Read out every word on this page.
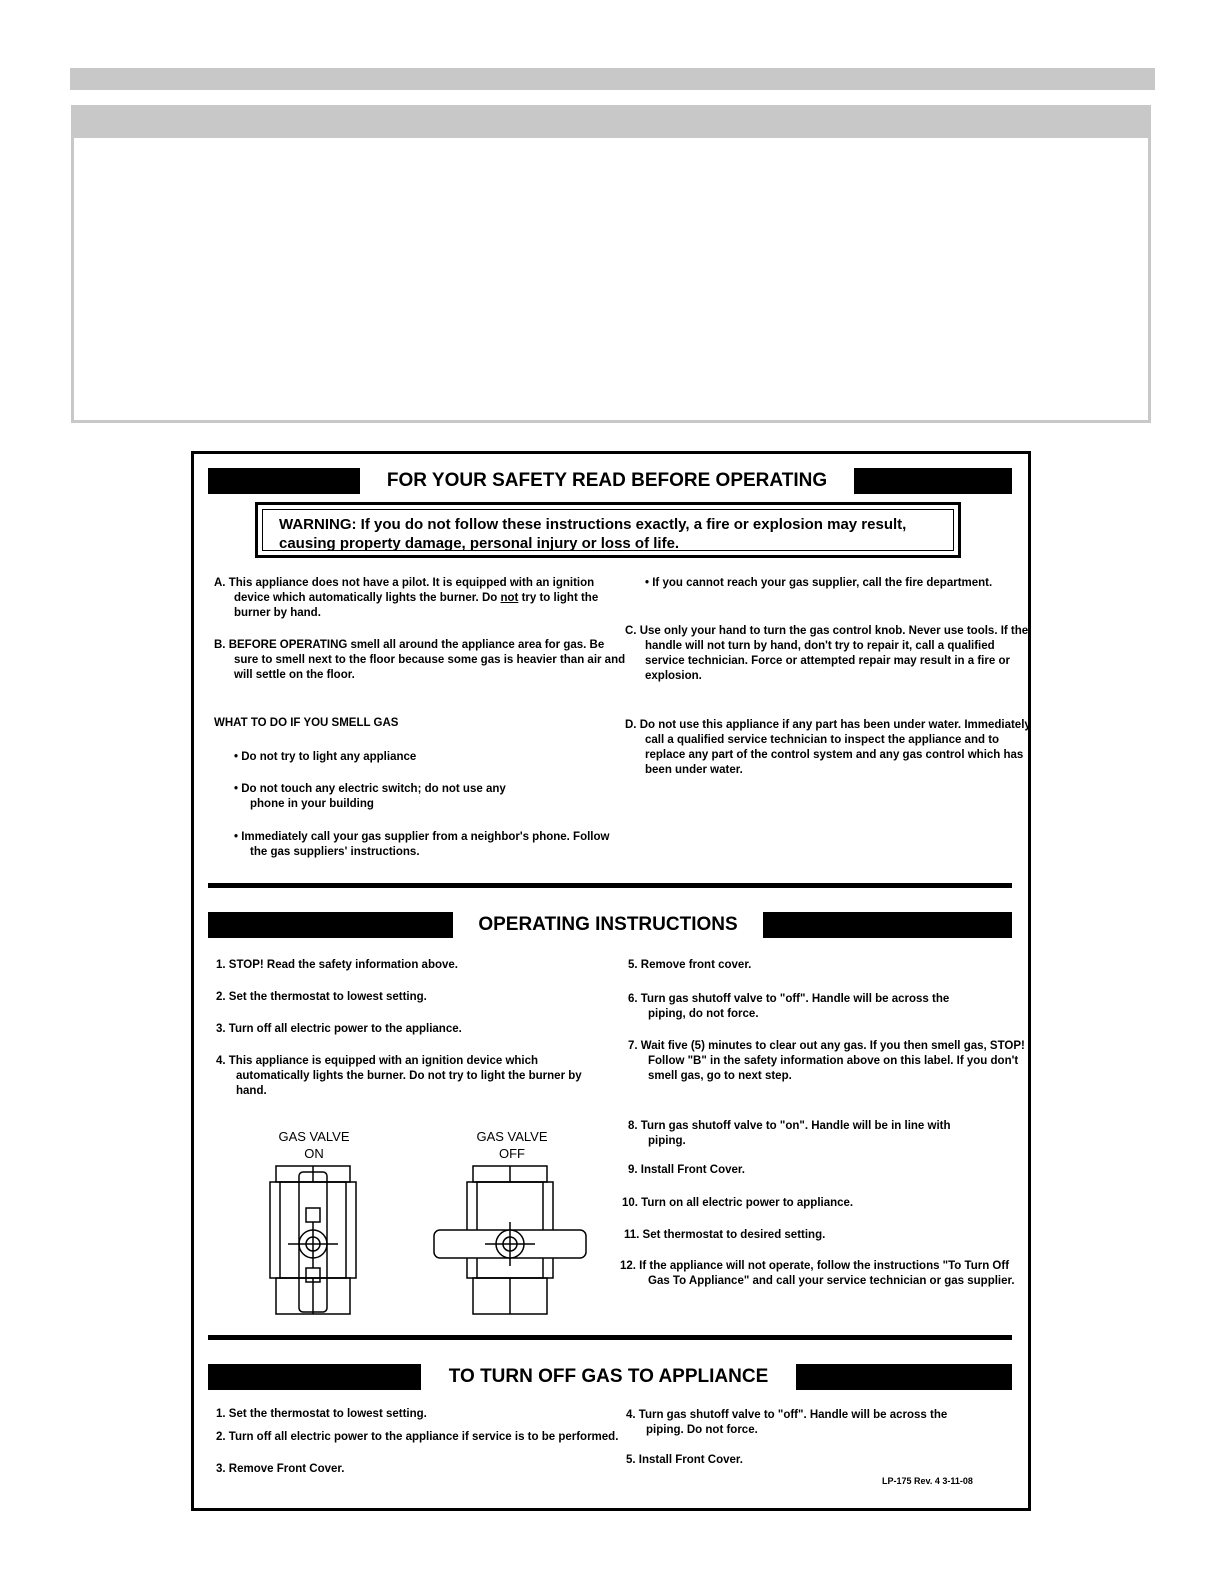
FOR YOUR SAFETY READ BEFORE OPERATING
WARNING: If you do not follow these instructions exactly, a fire or explosion may result, causing property damage, personal injury or loss of life.
A. This appliance does not have a pilot. It is equipped with an ignition device which automatically lights the burner. Do not try to light the burner by hand.
B. BEFORE OPERATING smell all around the appliance area for gas. Be sure to smell next to the floor because some gas is heavier than air and will settle on the floor.
WHAT TO DO IF YOU SMELL GAS
• Do not try to light any appliance
• Do not touch any electric switch; do not use any phone in your building
• Immediately call your gas supplier from a neighbor's phone. Follow the gas suppliers' instructions.
• If you cannot reach your gas supplier, call the fire department.
C. Use only your hand to turn the gas control knob. Never use tools. If the handle will not turn by hand, don't try to repair it, call a qualified service technician. Force or attempted repair may result in a fire or explosion.
D. Do not use this appliance if any part has been under water. Immediately call a qualified service technician to inspect the appliance and to replace any part of the control system and any gas control which has been under water.
OPERATING INSTRUCTIONS
1. STOP! Read the safety information above.
2. Set the thermostat to lowest setting.
3. Turn off all electric power to the appliance.
4. This appliance is equipped with an ignition device which automatically lights the burner. Do not try to light the burner by hand.
GAS VALVE
ON
GAS VALVE
OFF
5. Remove front cover.
6. Turn gas shutoff valve to "off". Handle will be across the piping, do not force.
7. Wait five (5) minutes to clear out any gas. If you then smell gas, STOP! Follow "B" in the safety information above on this label. If you don't smell gas, go to next step.
8. Turn gas shutoff valve to "on". Handle will be in line with piping.
9. Install Front Cover.
10. Turn on all electric power to appliance.
11. Set thermostat to desired setting.
12. If the appliance will not operate, follow the instructions "To Turn Off Gas To Appliance" and call your service technician or gas supplier.
TO TURN OFF GAS TO APPLIANCE
1. Set the thermostat to lowest setting.
2. Turn off all electric power to the appliance if service is to be performed.
3. Remove Front Cover.
4. Turn gas shutoff valve to "off". Handle will be across the piping. Do not force.
5. Install Front Cover.
LP-175 Rev. 4 3-11-08
